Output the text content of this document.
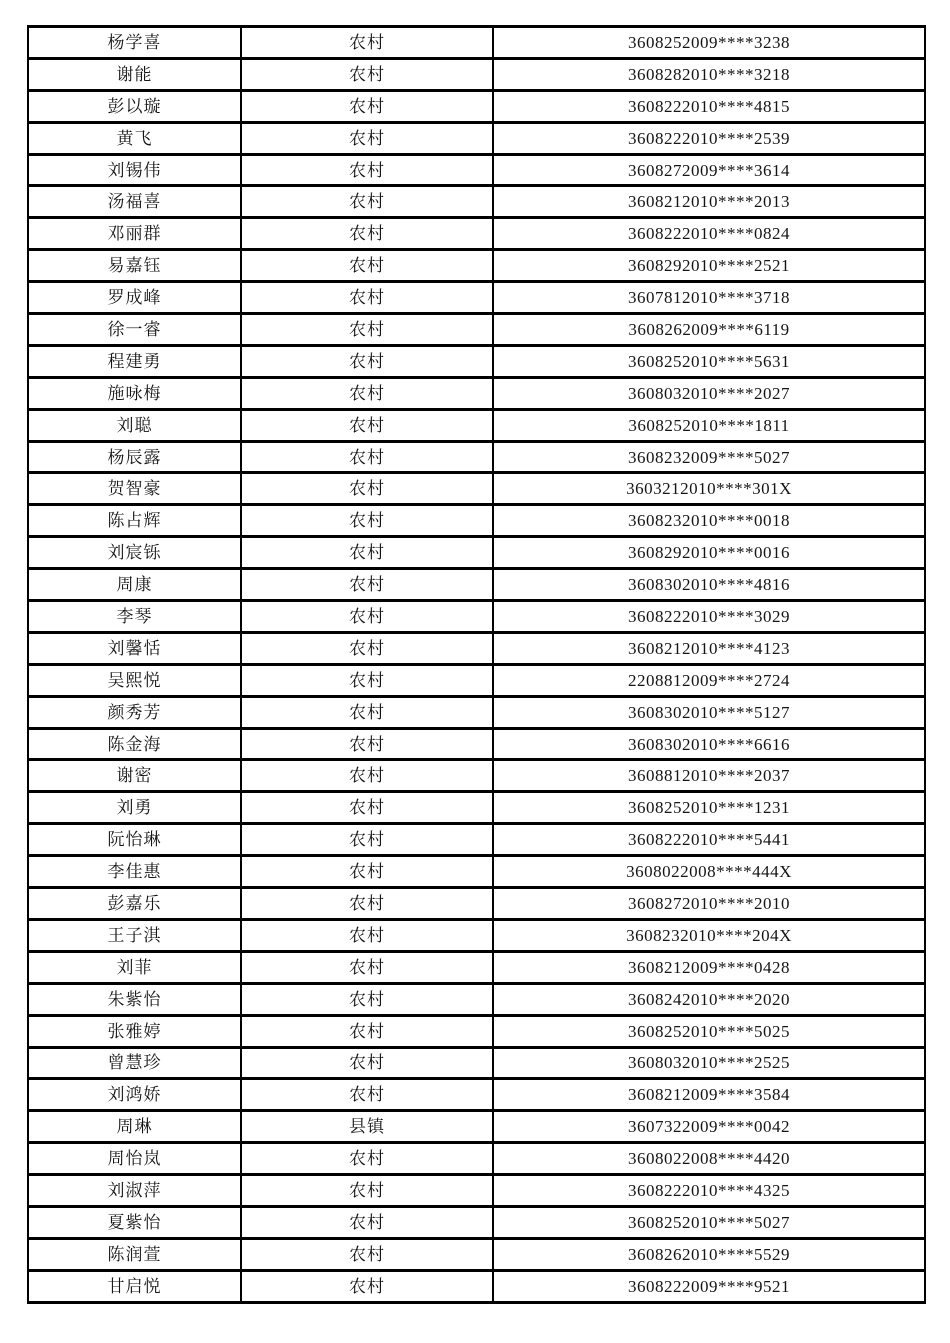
杨学喜	农村	3608252009****3238
谢能	农村	3608282010****3218
彭以璇	农村	3608222010****4815
黄飞	农村	3608222010****2539
刘锡伟	农村	3608272009****3614
汤福喜	农村	3608212010****2013
邓丽群	农村	3608222010****0824
易嘉钰	农村	3608292010****2521
罗成峰	农村	3607812010****3718
徐一睿	农村	3608262009****6119
程建勇	农村	3608252010****5631
施咏梅	农村	3608032010****2027
刘聪	农村	3608252010****1811
杨辰露	农村	3608232009****5027
贺智豪	农村	3603212010****301X
陈占辉	农村	3608232010****0018
刘宸铄	农村	3608292010****0016
周康	农村	3608302010****4816
李琴	农村	3608222010****3029
刘馨恬	农村	3608212010****4123
吴熙悦	农村	2208812009****2724
颜秀芳	农村	3608302010****5127
陈金海	农村	3608302010****6616
谢密	农村	3608812010****2037
刘勇	农村	3608252010****1231
阮怡琳	农村	3608222010****5441
李佳惠	农村	3608022008****444X
彭嘉乐	农村	3608272010****2010
王子淇	农村	3608232010****204X
刘菲	农村	3608212009****0428
朱紫怡	农村	3608242010****2020
张雅婷	农村	3608252010****5025
曾慧珍	农村	3608032010****2525
刘鸿娇	农村	3608212009****3584
周琳	县镇	3607322009****0042
周怡岚	农村	3608022008****4420
刘淑萍	农村	3608222010****4325
夏紫怡	农村	3608252010****5027
陈润萱	农村	3608262010****5529
甘启悦	农村	3608222009****9521
